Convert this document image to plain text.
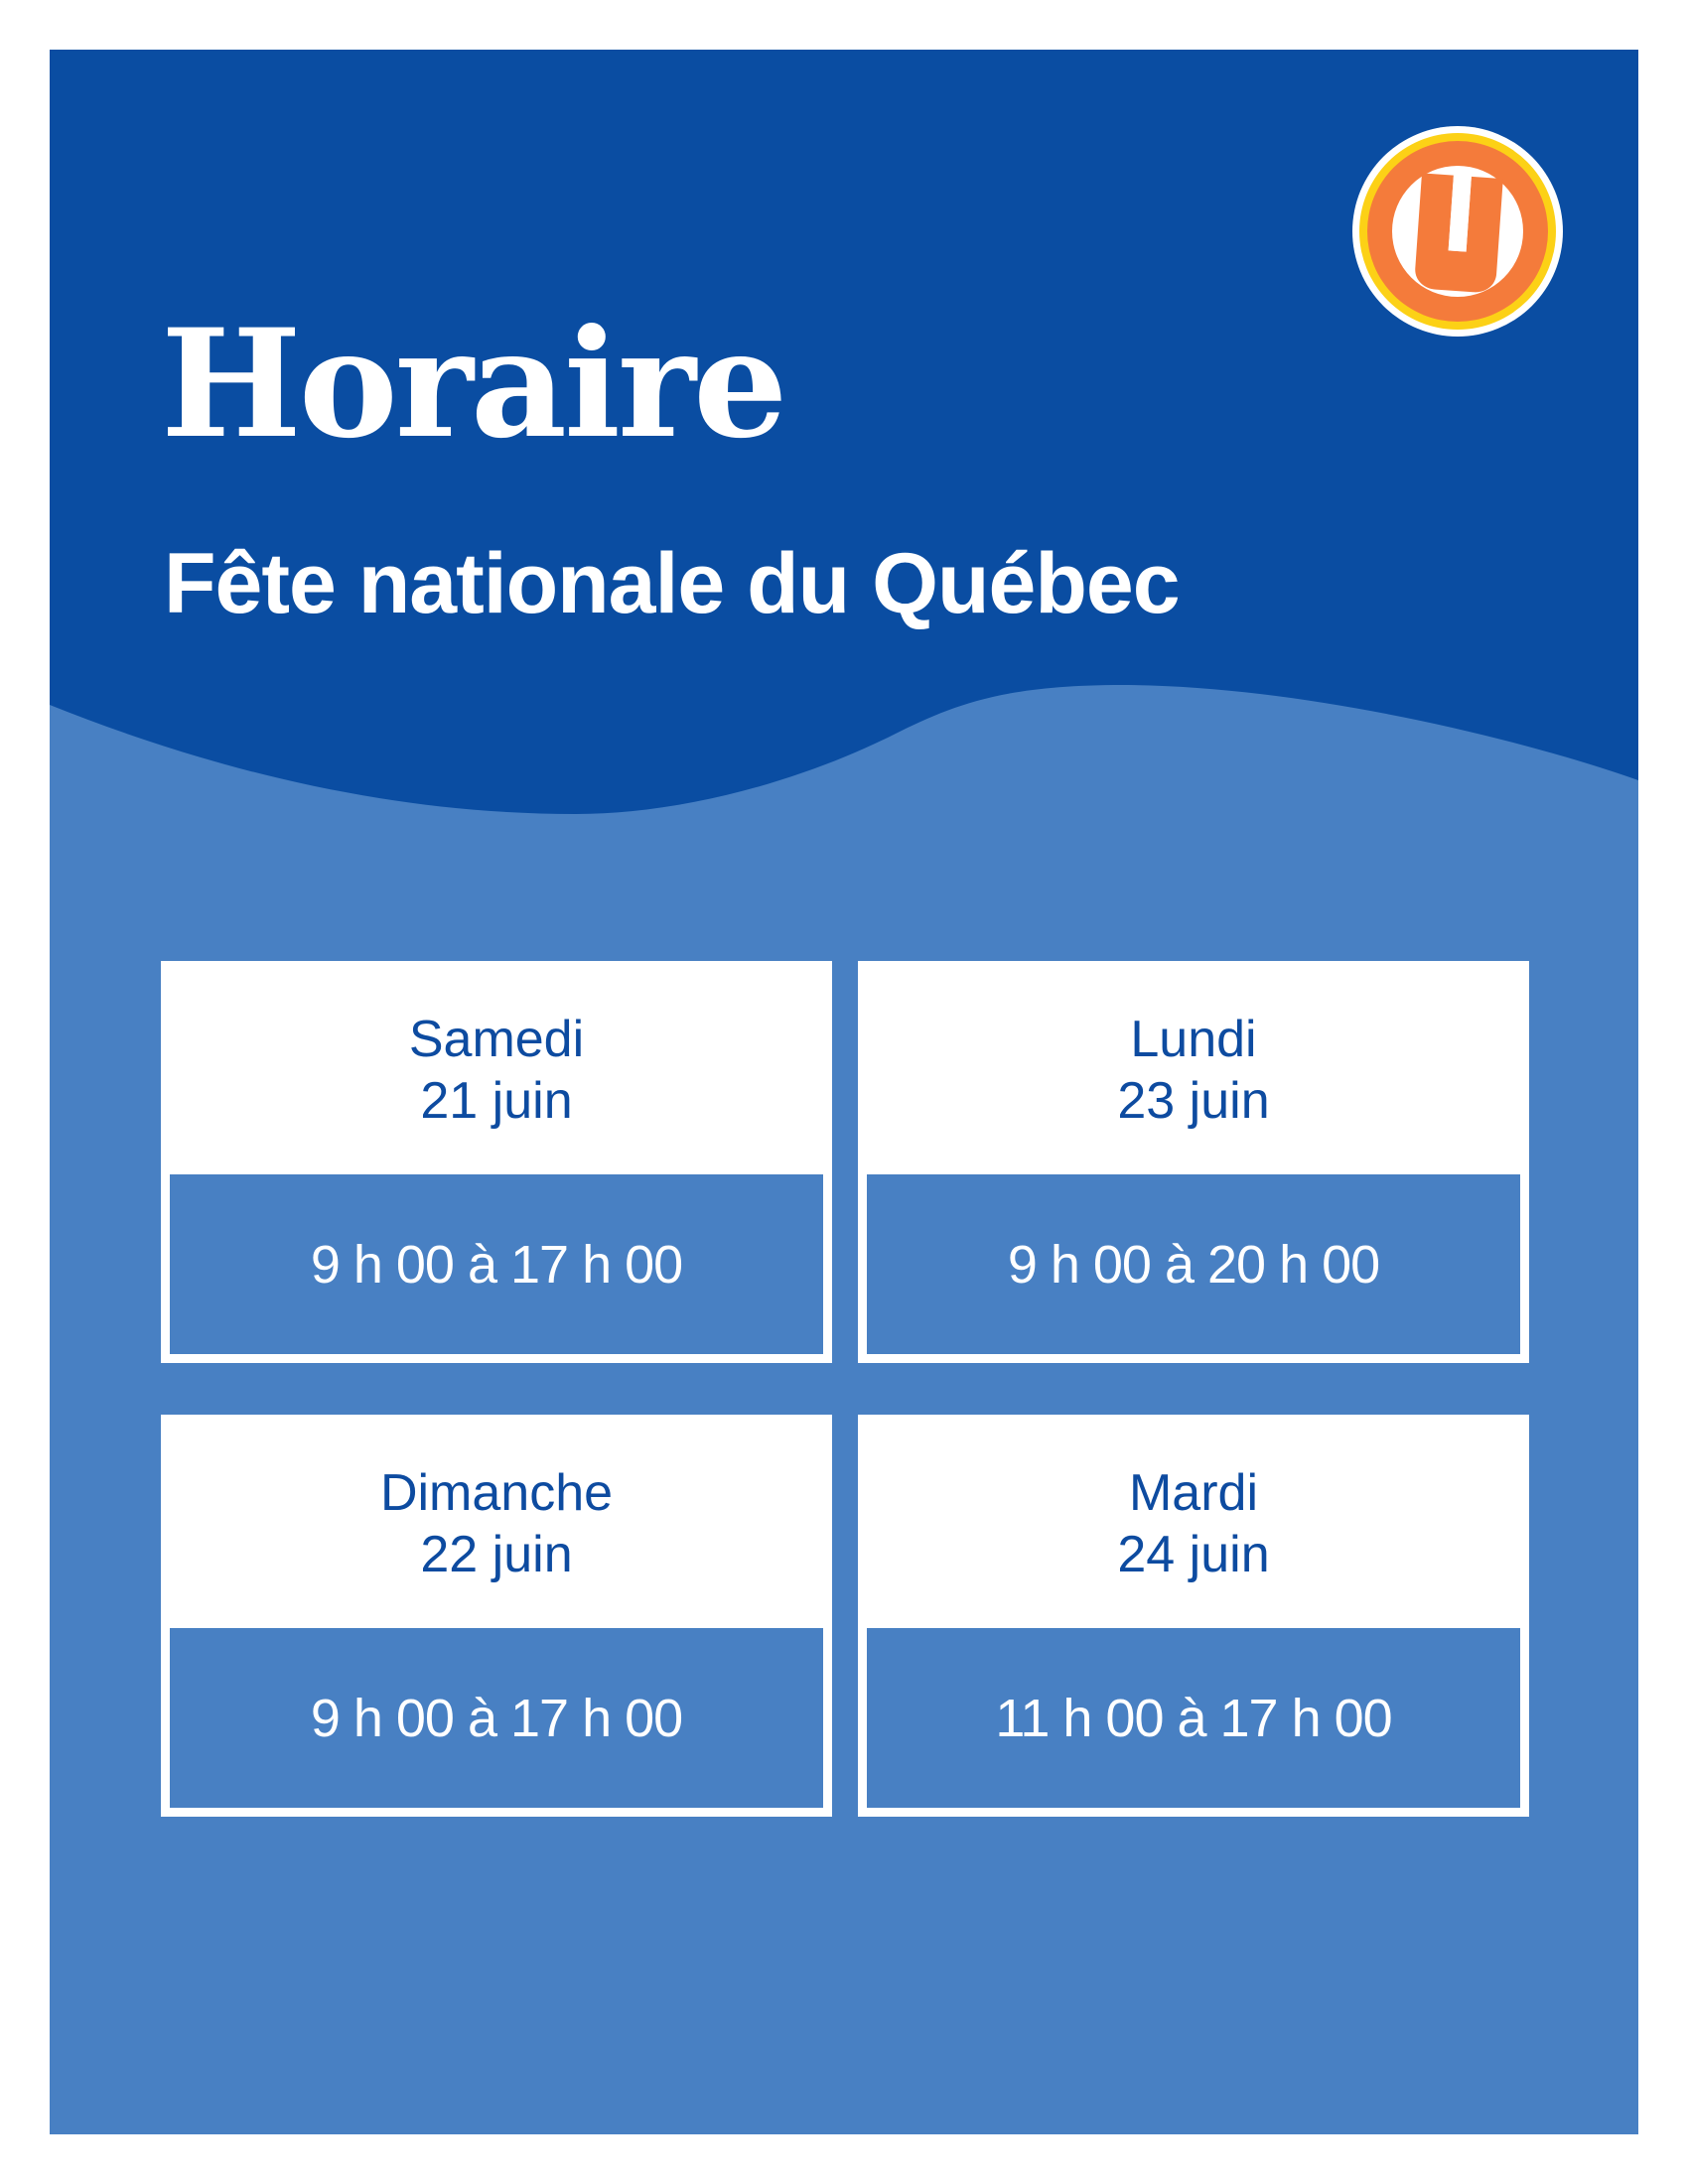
Horaire
Fête nationale du Québec
Samedi
21 juin
9 h 00 à 17 h 00
Lundi
23 juin
9 h 00 à 20 h 00
Dimanche
22 juin
9 h 00 à 17 h 00
Mardi
24 juin
11 h 00 à 17 h 00
